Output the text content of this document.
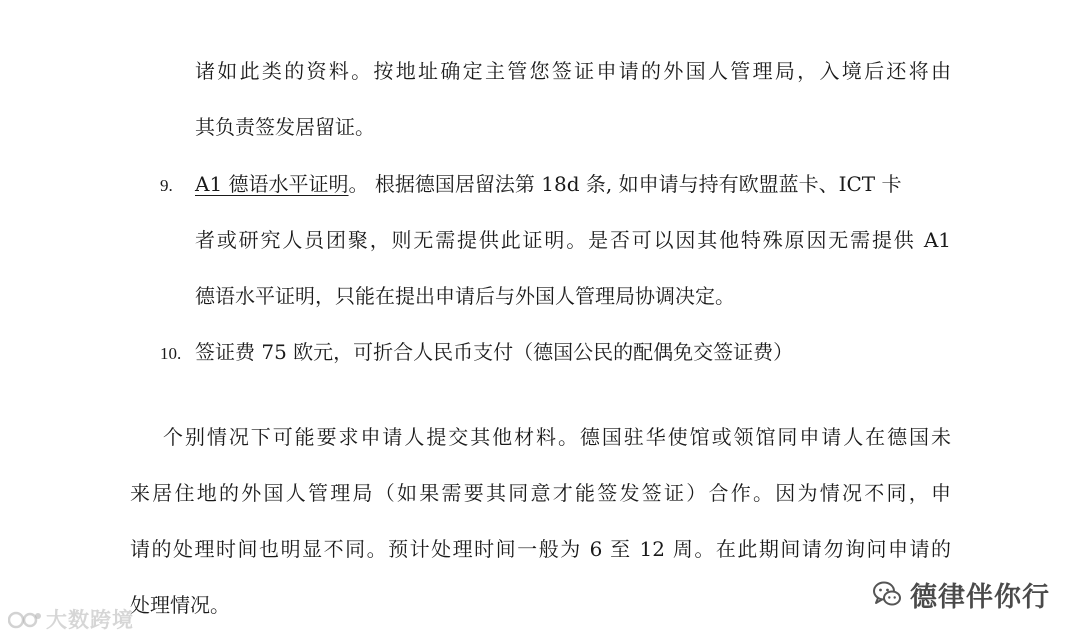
诸如此类的资料。按地址确定主管您签证申请的外国人管理局，入境后还将由
其负责签发居留证。
9. A1 德语水平证明。 根据德国居留法第 18d 条, 如申请与持有欧盟蓝卡、ICT 卡
者或研究人员团聚，则无需提供此证明。是否可以因其他特殊原因无需提供 A1
德语水平证明，只能在提出申请后与外国人管理局协调决定。
10. 签证费 75 欧元，可折合人民币支付（德国公民的配偶免交签证费）
个别情况下可能要求申请人提交其他材料。德国驻华使馆或领馆同申请人在德国未
来居住地的外国人管理局（如果需要其同意才能签发签证）合作。因为情况不同，申
请的处理时间也明显不同。预计处理时间一般为 6 至 12 周。在此期间请勿询问申请的
处理情况。
大数跨境
德律伴你行
